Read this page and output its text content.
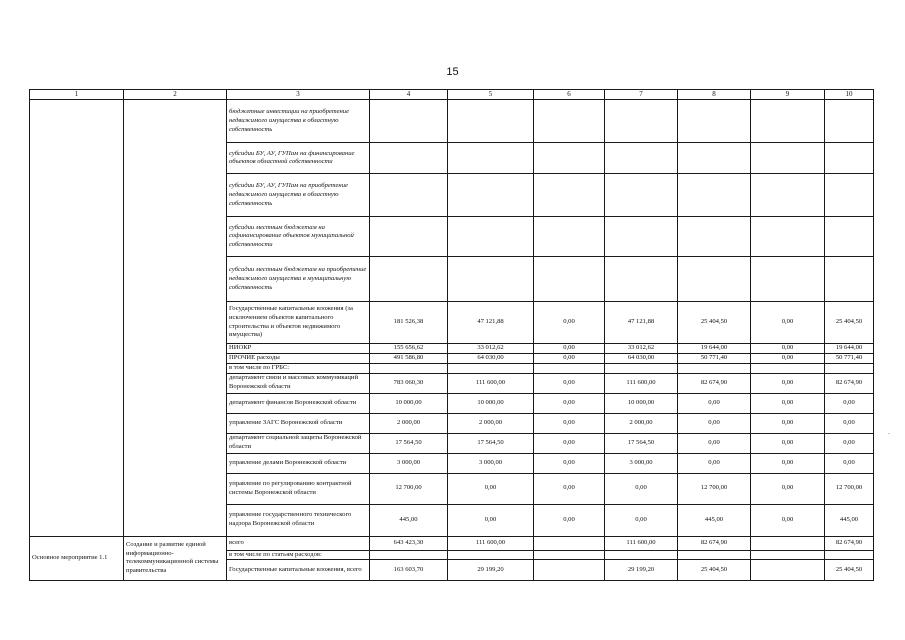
15
1	2	3	4	5	6	7	8	9	10
		бюджетные инвестиции на приобретение недвижимого имущества в областную собственность							
		субсидии БУ, АУ, ГУПам на финансирование объектов областной собственности							
		субсидии БУ, АУ, ГУПам на приобретение недвижимого имущества в областную собственность							
		субсидии местным бюджетам на софинансирование объектов муниципальной собственности							
		субсидии местным бюджетам на приобретение недвижимого имущества в муниципальную собственность							
		Государственные капитальные вложения (за исключением объектов капитального строительства и объектов недвижимого имущества)	181 526,38	47 121,88	0,00	47 121,88	25 404,50	0,00	25 404,50
		НИОКР	155 656,62	33 012,62	0,00	33 012,62	19 644,00	0,00	19 644,00
		ПРОЧИЕ расходы	491 586,80	64 030,00	0,00	64 030,00	50 771,40	0,00	50 771,40
		в том числе по ГРБС:							
		департамент связи и массовых коммуникаций Воронежской области	783 060,30	111 600,00	0,00	111 600,00	82 674,90	0,00	82 674,90
		департамент финансов Воронежской области	10 000,00	10 000,00	0,00	10 000,00	0,00	0,00	0,00
		управление ЗАГС Воронежской области	2 000,00	2 000,00	0,00	2 000,00	0,00	0,00	0,00
		департамент социальной защиты Воронежской области	17 564,50	17 564,50	0,00	17 564,50	0,00	0,00	0,00
		управление делами Воронежской области	3 000,00	3 000,00	0,00	3 000,00	0,00	0,00	0,00
		управление по регулированию контрактной системы Воронежской области	12 700,00	0,00	0,00	0,00	12 700,00	0,00	12 700,00
		управление государственного технического надзора Воронежской области	445,00	0,00	0,00	0,00	445,00	0,00	445,00
Основное мероприятие 1.1	Создание и развитие единой информационно-телекоммуникационной системы правительства	всего	643 423,30	111 600,00		111 600,00	82 674,90		82 674,90
		в том числе по статьям расходов:							
		Государственные капитальные вложения, всего	163 603,70	29 199,20		29 199,20	25 404,50		25 404,50
-
